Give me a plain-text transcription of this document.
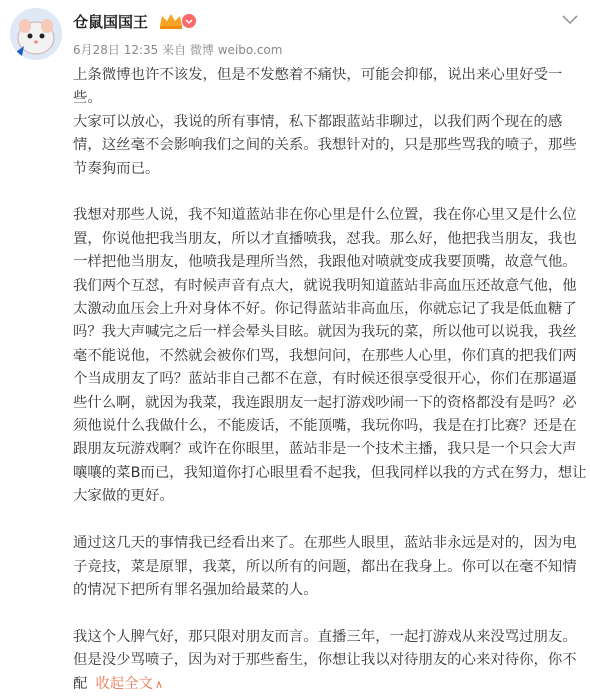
仓鼠国国王
6月28日 12:35 来自 微博 weibo.com

上条微博也许不该发，但是不发憋着不痛快，可能会抑郁，说出来心里好受一
些。
大家可以放心，我说的所有事情，私下都跟蓝站非聊过，以我们两个现在的感
情，这丝毫不会影响我们之间的关系。我想针对的，只是那些骂我的喷子，那些
节奏狗而已。

我想对那些人说，我不知道蓝站非在你心里是什么位置，我在你心里又是什么位
置，你说他把我当朋友，所以才直播喷我，怼我。那么好，他把我当朋友，我也
一样把他当朋友，他喷我是理所当然，我跟他对喷就变成我要顶嘴，故意气他。
我们两个互怼，有时候声音有点大，就说我明知道蓝站非高血压还故意气他，他
太激动血压会上升对身体不好。你记得蓝站非高血压，你就忘记了我是低血糖了
吗？我大声喊完之后一样会晕头目眩。就因为我玩的菜，所以他可以说我，我丝
毫不能说他，不然就会被你们骂，我想问问，在那些人心里，你们真的把我们两
个当成朋友了吗？蓝站非自己都不在意，有时候还很享受很开心，你们在那逼逼
些什么啊，就因为我菜，我连跟朋友一起打游戏吵闹一下的资格都没有是吗？必
须他说什么我做什么，不能废话，不能顶嘴，我玩你吗，我是在打比赛？还是在
跟朋友玩游戏啊？或许在你眼里，蓝站非是一个技术主播，我只是一个只会大声
嚷嚷的菜B而已，我知道你打心眼里看不起我，但我同样以我的方式在努力，想让
大家做的更好。

通过这几天的事情我已经看出来了。在那些人眼里，蓝站非永远是对的，因为电
子竞技，菜是原罪，我菜，所以所有的问题，都出在我身上。你可以在毫不知情
的情况下把所有罪名强加给最菜的人。

我这个人脾气好，那只限对朋友而言。直播三年，一起打游戏从来没骂过朋友。
但是没少骂喷子，因为对于那些畜生，你想让我以对待朋友的心来对待你，你不
配 收起全文 ∧
